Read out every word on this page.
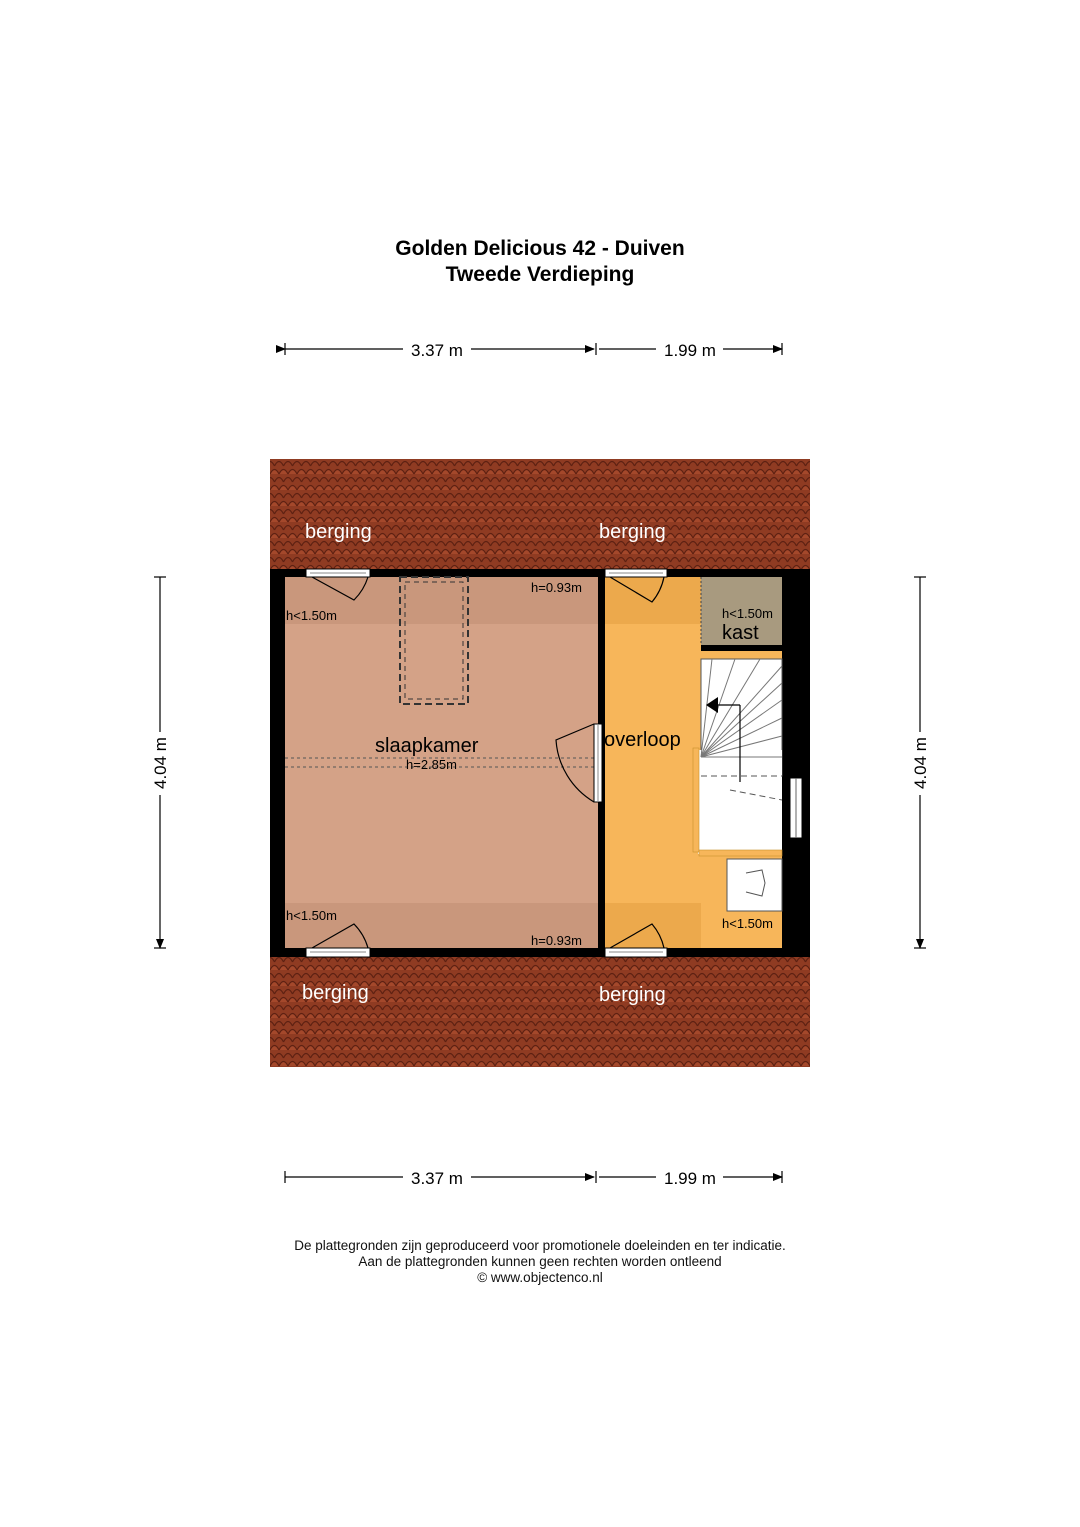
Golden Delicious 42 - Duiven
Tweede Verdieping
berging	berging
berging	berging
slaapkamer	overloop
kast
h=2.85m
h=0.93m
h=0.93m
h<1.50m
h<1.50m
h<1.50m
h<1.50m
3.37 m	1.99 m
3.37 m	1.99 m
4.04 m	4.04 m
De plattegronden zijn geproduceerd voor promotionele doeleinden en ter indicatie.
Aan de plattegronden kunnen geen rechten worden ontleend
© www.objectenco.nl
